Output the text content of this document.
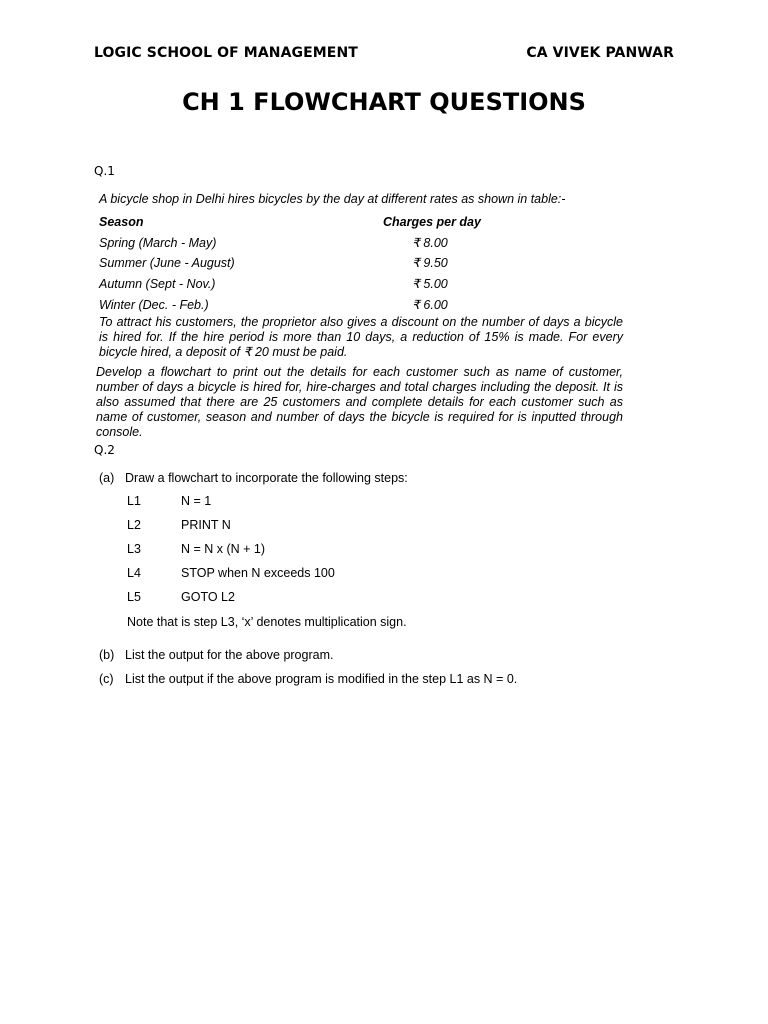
LOGIC SCHOOL OF MANAGEMENT	CA VIVEK PANWAR
CH 1 FLOWCHART QUESTIONS
Q.1
A bicycle shop in Delhi hires bicycles by the day at different rates as shown in table:-
Season	Charges per day
Spring (March - May)	₹ 8.00
Summer (June - August)	₹ 9.50
Autumn (Sept - Nov.)	₹ 5.00
Winter (Dec. - Feb.)	₹ 6.00
To attract his customers, the proprietor also gives a discount on the number of days a bicycle is hired for. If the hire period is more than 10 days, a reduction of 15% is made. For every bicycle hired, a deposit of ₹ 20 must be paid.
Develop a flowchart to print out the details for each customer such as name of customer, number of days a bicycle is hired for, hire-charges and total charges including the deposit. It is also assumed that there are 25 customers and complete details for each customer such as name of customer, season and number of days the bicycle is required for is inputted through console.
Q.2
(a) Draw a flowchart to incorporate the following steps:
L1	N = 1
L2	PRINT N
L3	N = N x (N + 1)
L4	STOP when N exceeds 100
L5	GOTO L2
Note that is step L3, ‘x’ denotes multiplication sign.
(b) List the output for the above program.
(c) List the output if the above program is modified in the step L1 as N = 0.
